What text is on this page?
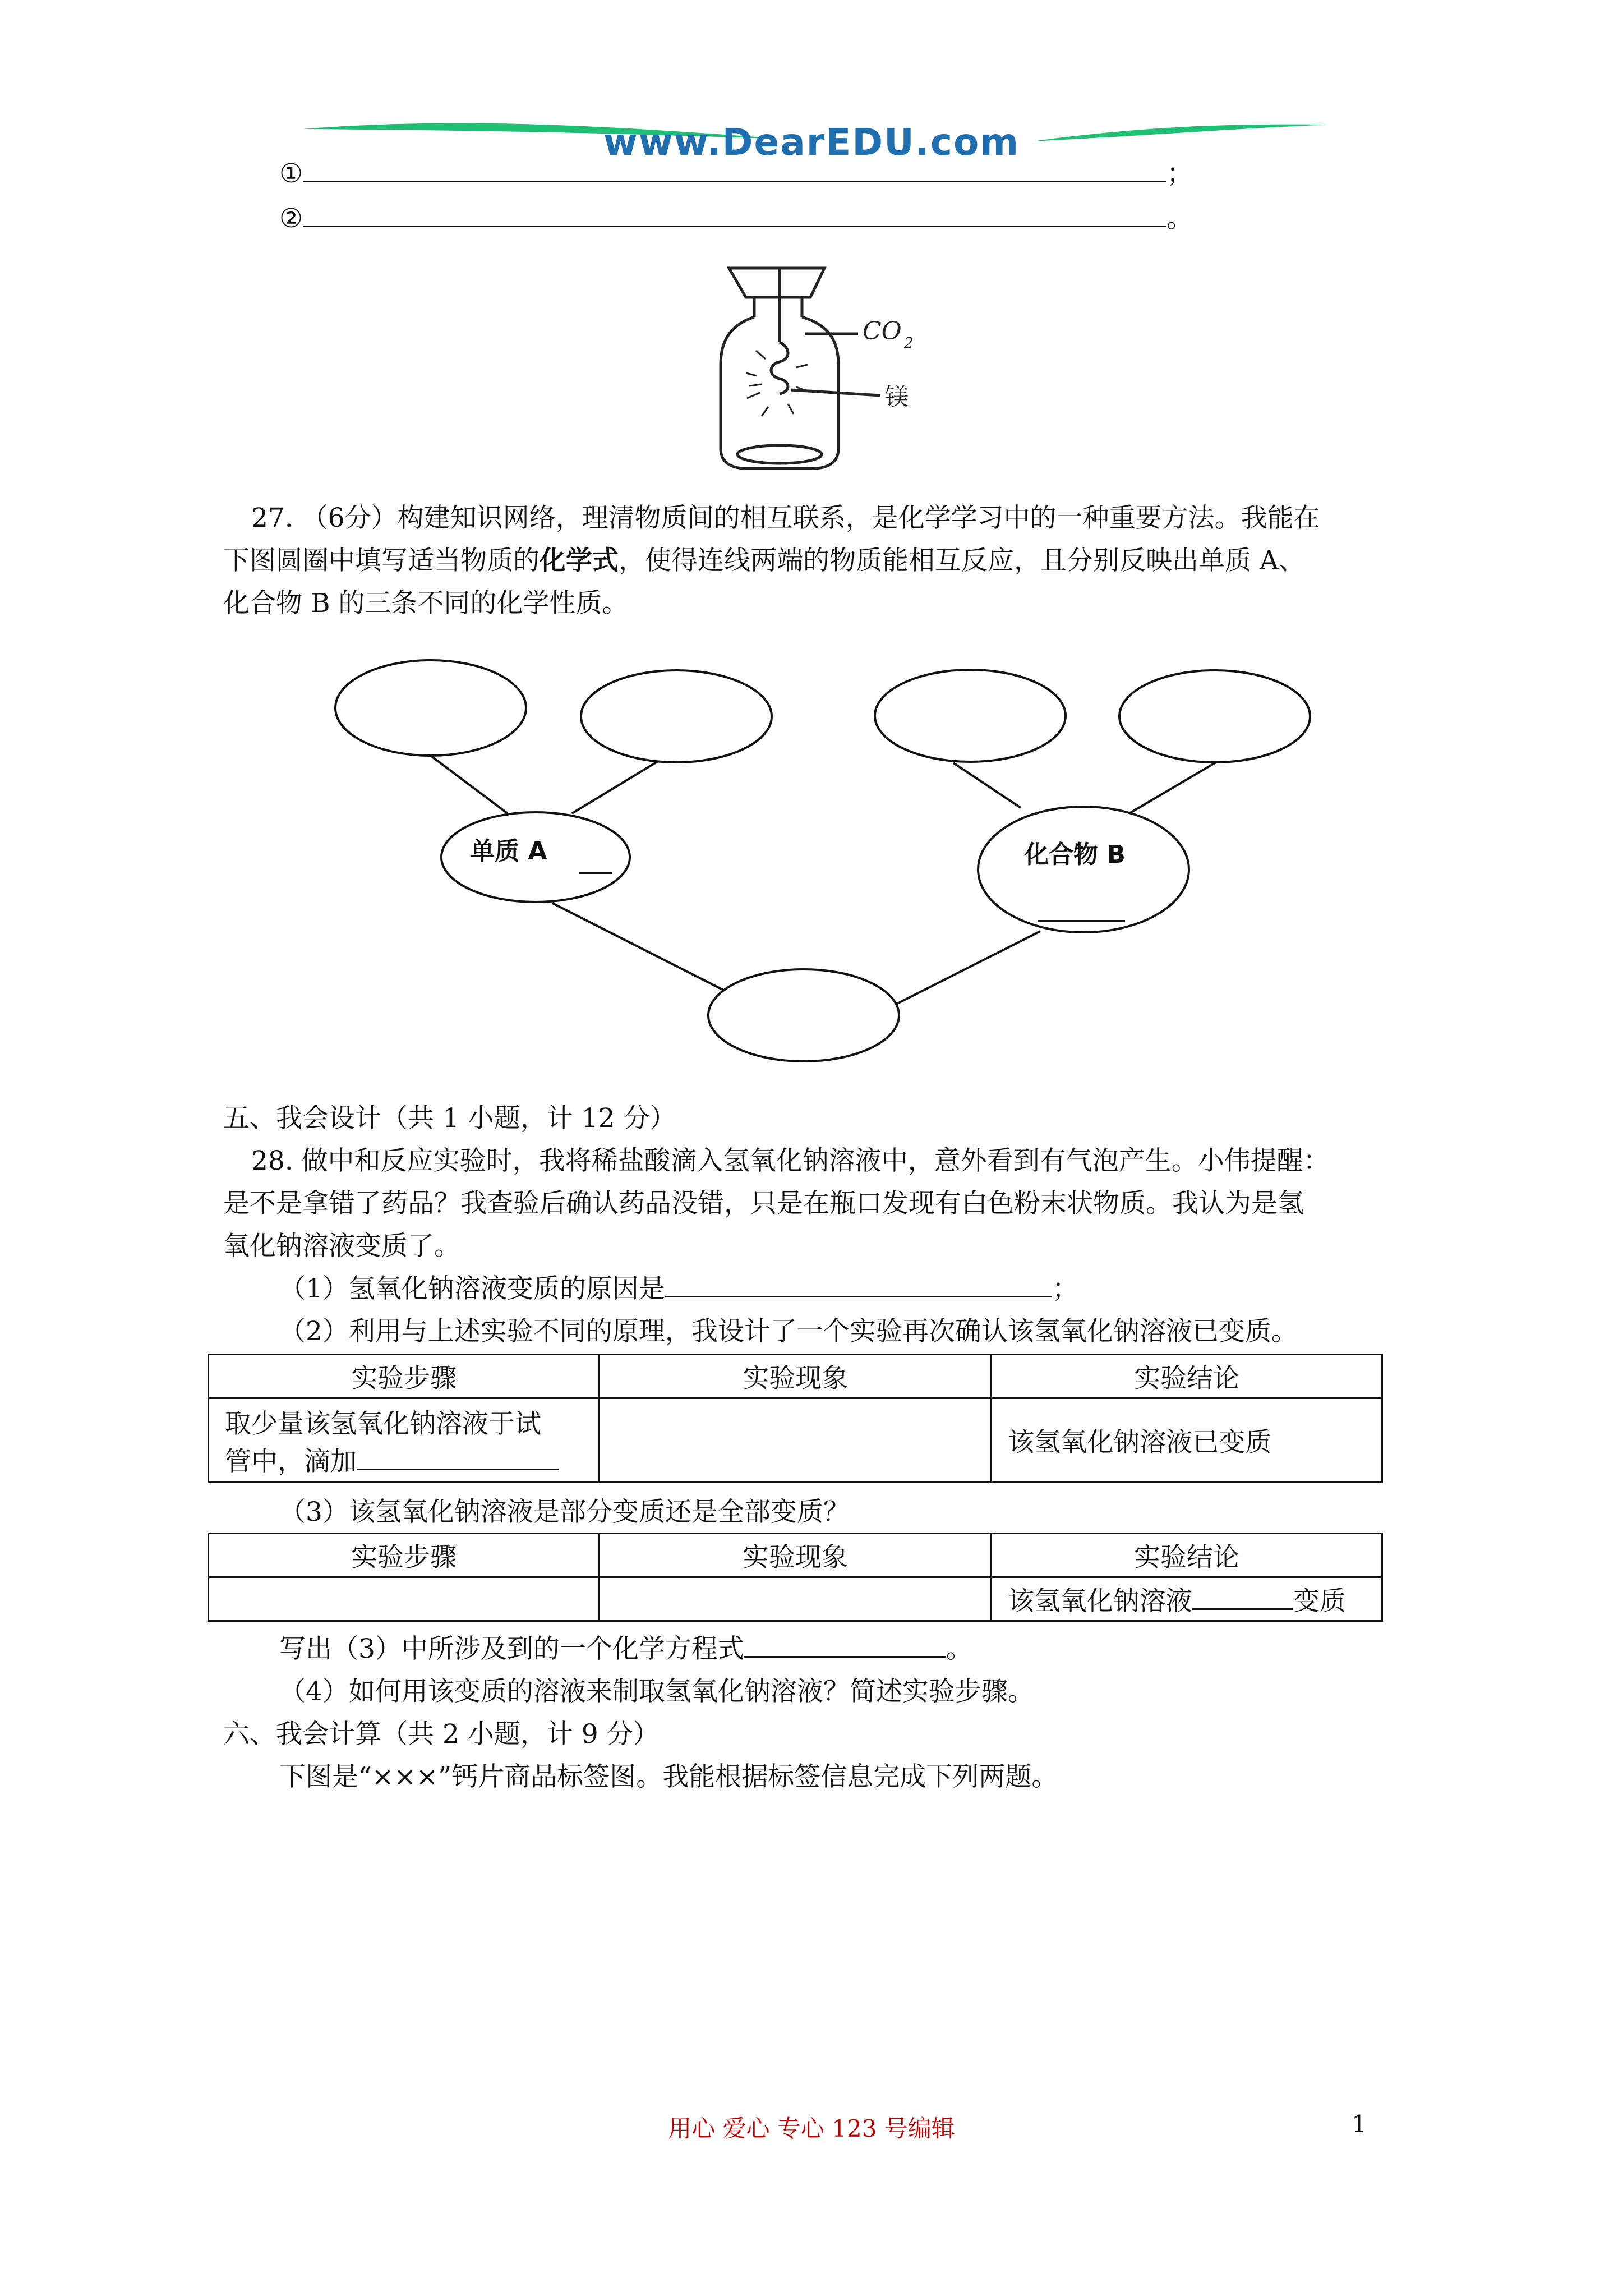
www.DearEDU.com
①	；
②	。
CO 2
镁
27. （6分）构建知识网络，理清物质间的相互联系，是化学学习中的一种重要方法。我能在
下图圆圈中填写适当物质的化学式，使得连线两端的物质能相互反应，且分别反映出单质 A、
化合物 B 的三条不同的化学性质。
单质 A	化合物 B
五、我会设计（共 1 小题，计 12 分）
28. 做中和反应实验时，我将稀盐酸滴入氢氧化钠溶液中，意外看到有气泡产生。小伟提醒：
是不是拿错了药品？我查验后确认药品没错，只是在瓶口发现有白色粉末状物质。我认为是氢
氧化钠溶液变质了。
（1）氢氧化钠溶液变质的原因是	；
（2）利用与上述实验不同的原理，我设计了一个实验再次确认该氢氧化钠溶液已变质。
实验步骤	实验现象	实验结论

取少量该氢氧化钠溶液于试
管中，滴加		该氢氧化钠溶液已变质
（3）该氢氧化钠溶液是部分变质还是全部变质？
实验步骤	实验现象	实验结论
		该氢氧化钠溶液 变质
写出（3）中所涉及到的一个化学方程式	。
（4）如何用该变质的溶液来制取氢氧化钠溶液？简述实验步骤。
六、我会计算（共 2 小题，计 9 分）
下图是“×××”钙片商品标签图。我能根据标签信息完成下列两题。
用心 爱心 专心 123 号编辑	1
